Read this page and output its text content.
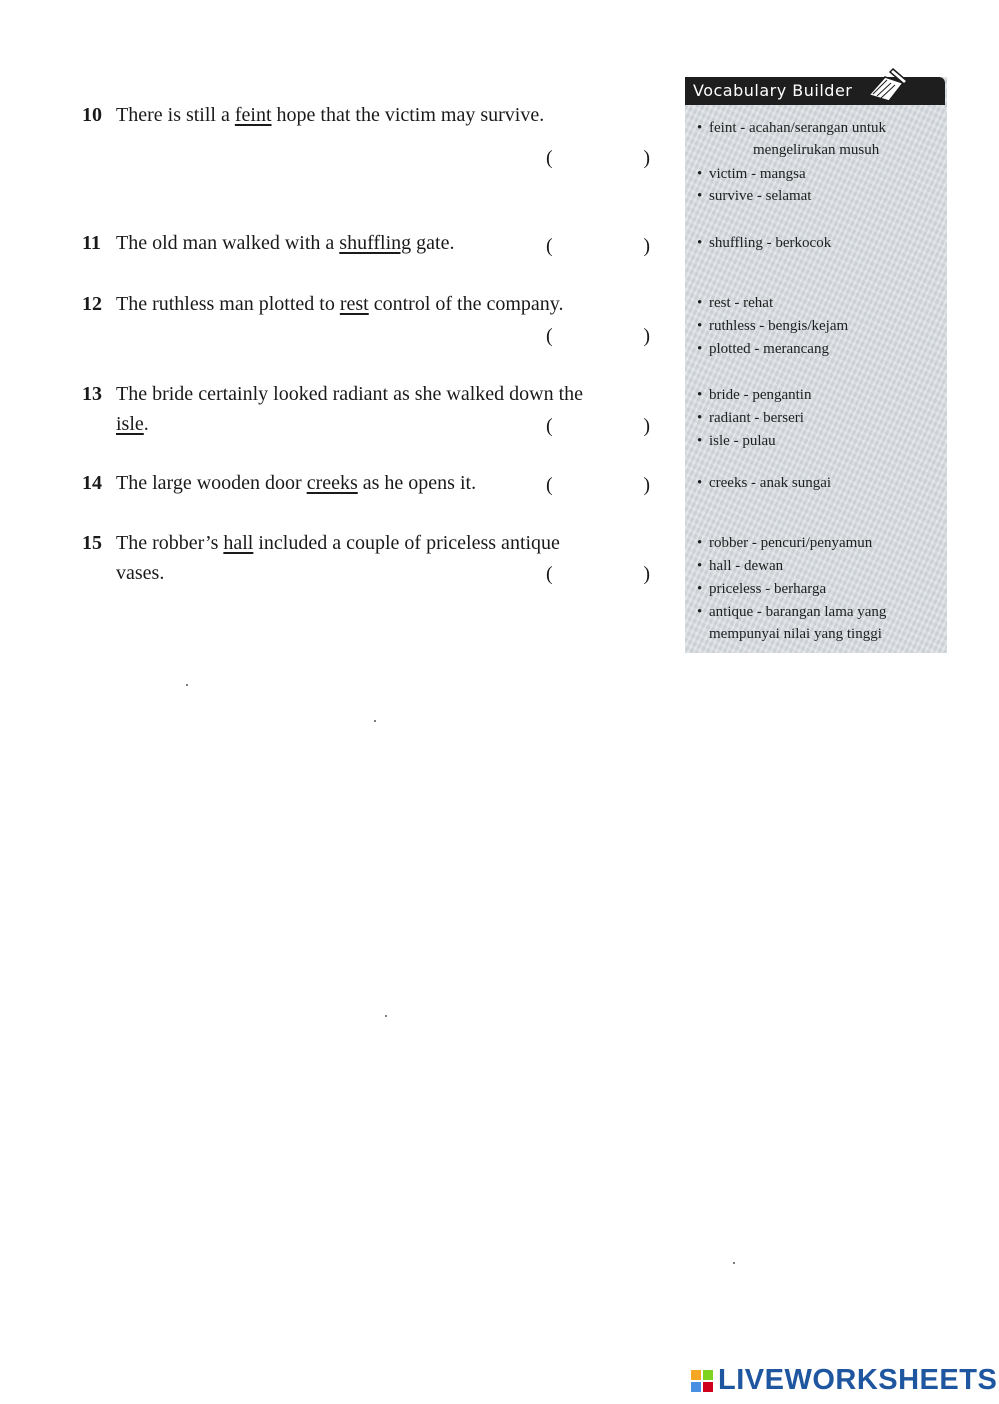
10 There is still a feint hope that the victim may survive.
(	)
11 The old man walked with a shuffling gate.	(	)
12 The ruthless man plotted to rest control of the company.
(	)
13 The bride certainly looked radiant as she walked down the
isle.	(	)
14 The large wooden door creeks as he opens it.	(	)
15 The robber’s hall included a couple of priceless antique
vases.	(	)
Vocabulary Builder
• feint - acahan/serangan untuk
mengelirukan musuh
• victim - mangsa
• survive - selamat
• shuffling - berkocok
• rest - rehat
• ruthless - bengis/kejam
• plotted - merancang
• bride - pengantin
• radiant - berseri
• isle - pulau
• creeks - anak sungai
• robber - pencuri/penyamun
• hall - dewan
• priceless - berharga
• antique - barangan lama yang
mempunyai nilai yang tinggi
LIVEWORKSHEETS
